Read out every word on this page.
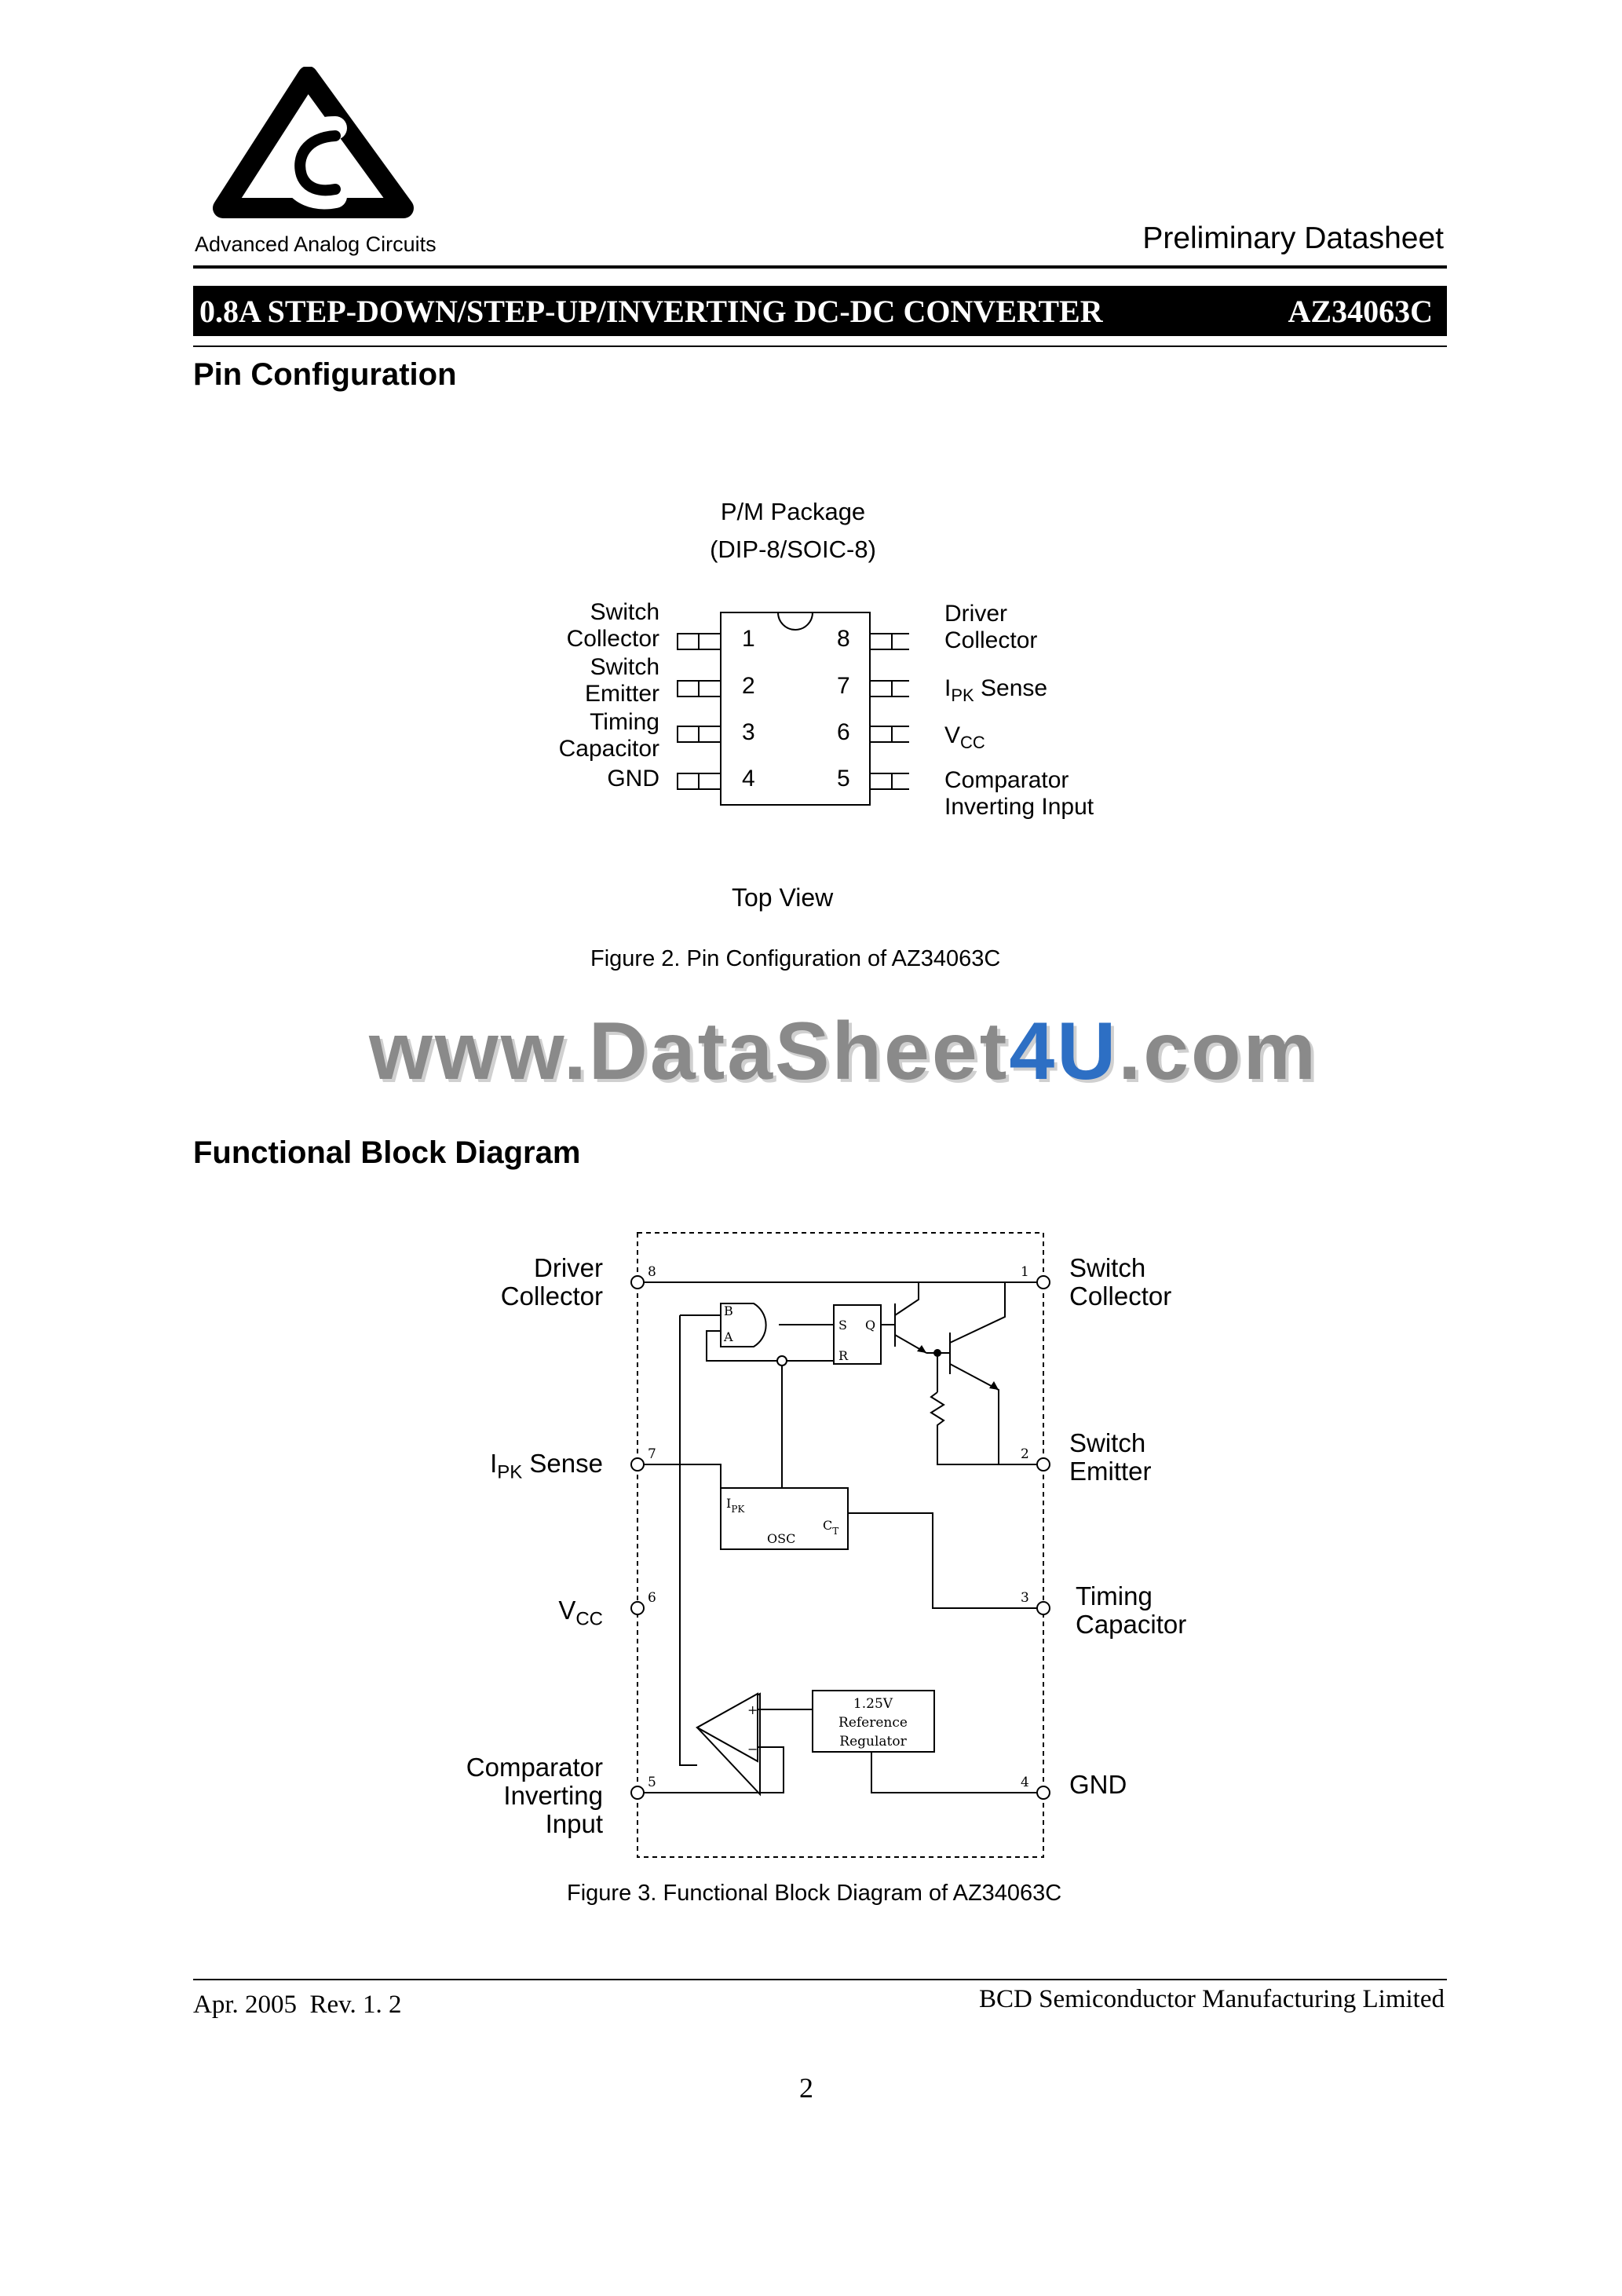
Advanced Analog Circuits	Preliminary Datasheet
0.8A STEP-DOWN/STEP-UP/INVERTING DC-DC CONVERTER	AZ34063C
Pin Configuration
P/M Package
(DIP-8/SOIC-8)
1
2
3
4
8
7
6
5
Switch
Collector
Switch
Emitter
Timing
Capacitor
GND
Driver
Collector
$I_{PK}$ Sense
$V_{CC}$
Comparator
Inverting Input
Top View
Figure 2. Pin Configuration of AZ34063C
www.DataSheet4U.com
Functional Block Diagram
8
7
6
5
1
2
3
4
B
A
S Q
R
$I_{PK}$
$C_T$
OSC
+
−
1.25V
Reference
Regulator
Driver
Collector
$I_{PK}$ Sense
$V_{CC}$
Comparator
Inverting
Input
Switch
Collector
Switch
Emitter
Timing
Capacitor
GND
Figure 3. Functional Block Diagram of AZ34063C
Apr. 2005  Rev. 1. 2	BCD Semiconductor Manufacturing Limited
2
